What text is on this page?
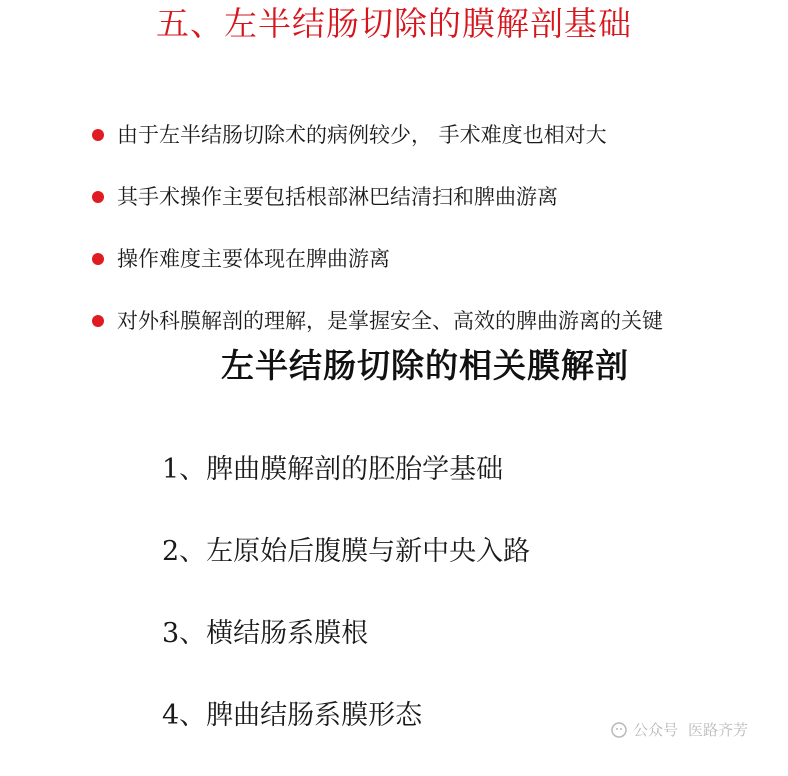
五、左半结肠切除的膜解剖基础
由于左半结肠切除术的病例较少， 手术难度也相对大
其手术操作主要包括根部淋巴结清扫和脾曲游离
操作难度主要体现在脾曲游离
对外科膜解剖的理解，是掌握安全、高效的脾曲游离的关键
左半结肠切除的相关膜解剖
1、脾曲膜解剖的胚胎学基础
2、左原始后腹膜与新中央入路
3、横结肠系膜根
4、脾曲结肠系膜形态	公众号 医路齐芳
